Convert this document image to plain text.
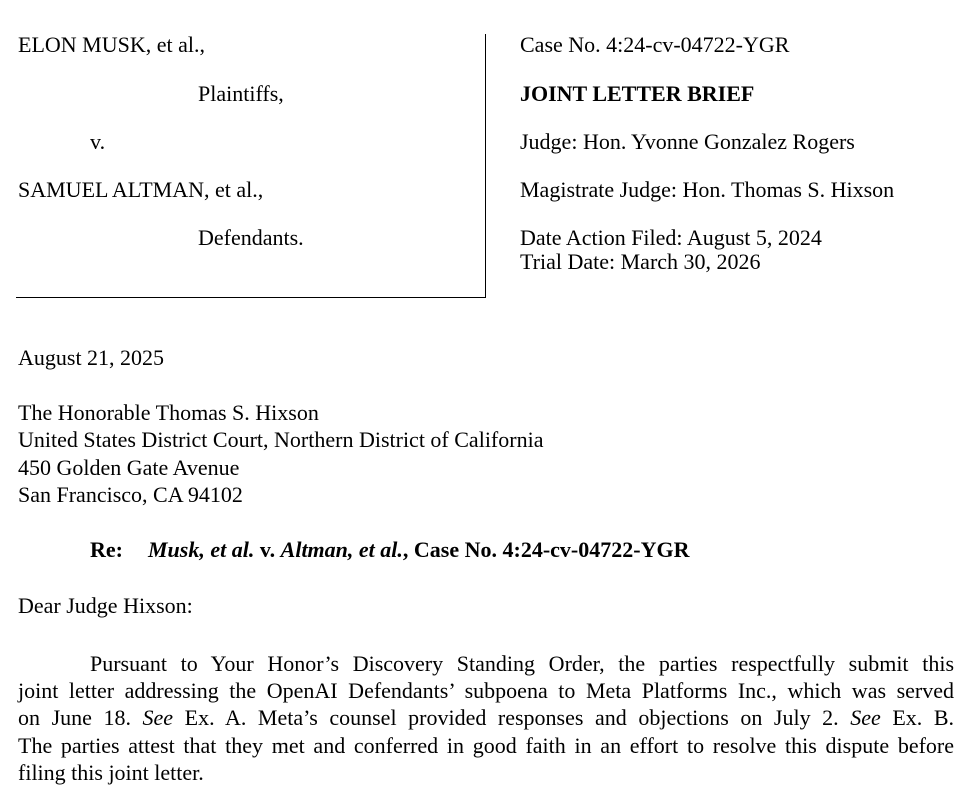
ELON MUSK, et al.,
Plaintiffs,
v.
SAMUEL ALTMAN, et al.,
Defendants.
Case No. 4:24-cv-04722-YGR
JOINT LETTER BRIEF
Judge: Hon. Yvonne Gonzalez Rogers
Magistrate Judge: Hon. Thomas S. Hixson
Date Action Filed: August 5, 2024
Trial Date: March 30, 2026
August 21, 2025
The Honorable Thomas S. Hixson
United States District Court, Northern District of California
450 Golden Gate Avenue
San Francisco, CA 94102
Re: Musk, et al. v. Altman, et al., Case No. 4:24-cv-04722-YGR
Dear Judge Hixson:
Pursuant to Your Honor’s Discovery Standing Order, the parties respectfully submit this
joint letter addressing the OpenAI Defendants’ subpoena to Meta Platforms Inc., which was served
on June 18. See Ex. A. Meta’s counsel provided responses and objections on July 2. See Ex. B.
The parties attest that they met and conferred in good faith in an effort to resolve this dispute before
filing this joint letter.
